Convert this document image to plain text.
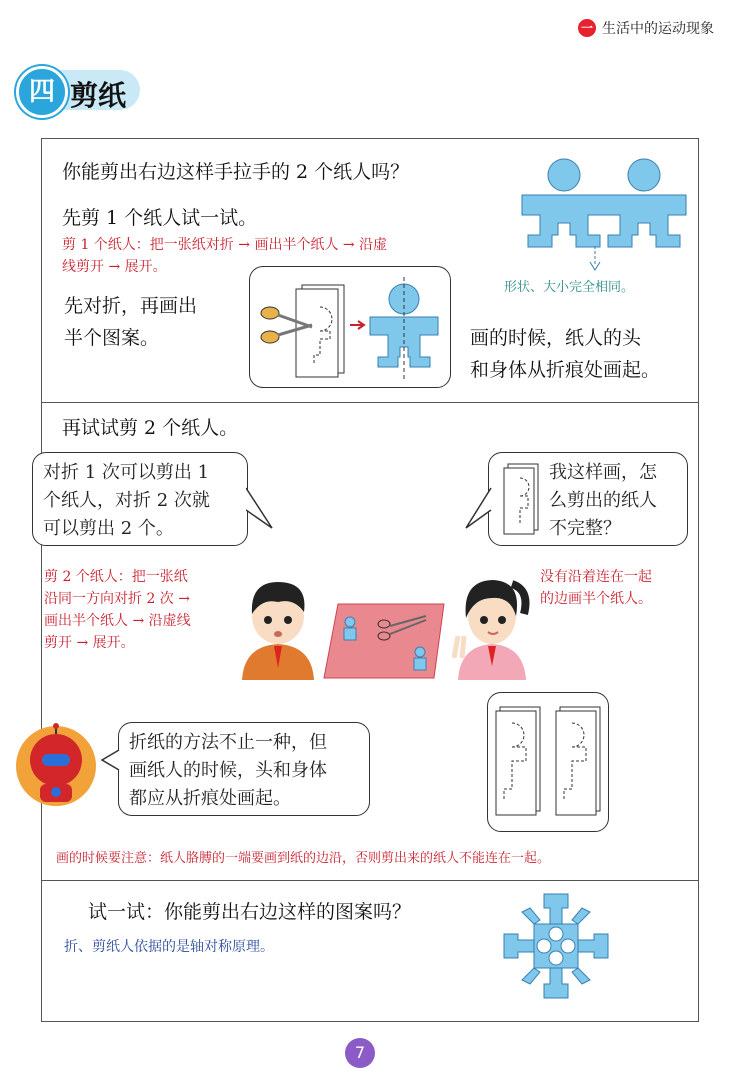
一 生活中的运动现象
四 剪纸
你能剪出右边这样手拉手的 2 个纸人吗？
先剪 1 个纸人试一试。
剪 1 个纸人：把一张纸对折 → 画出半个纸人 → 沿虚
线剪开 → 展开。
先对折，再画出
半个图案。
形状、大小完全相同。
画的时候，纸人的头
和身体从折痕处画起。
再试试剪 2 个纸人。
对折 1 次可以剪出 1
个纸人，对折 2 次就
可以剪出 2 个。
我这样画，怎
么剪出的纸人
不完整？
剪 2 个纸人：把一张纸
沿同一方向对折 2 次 →
画出半个纸人 → 沿虚线
剪开 → 展开。
没有沿着连在一起
的边画半个纸人。
折纸的方法不止一种，但
画纸人的时候，头和身体
都应从折痕处画起。
画的时候要注意：纸人胳膊的一端要画到纸的边沿，否则剪出来的纸人不能连在一起。
试一试：你能剪出右边这样的图案吗？
折、剪纸人依据的是轴对称原理。
7
